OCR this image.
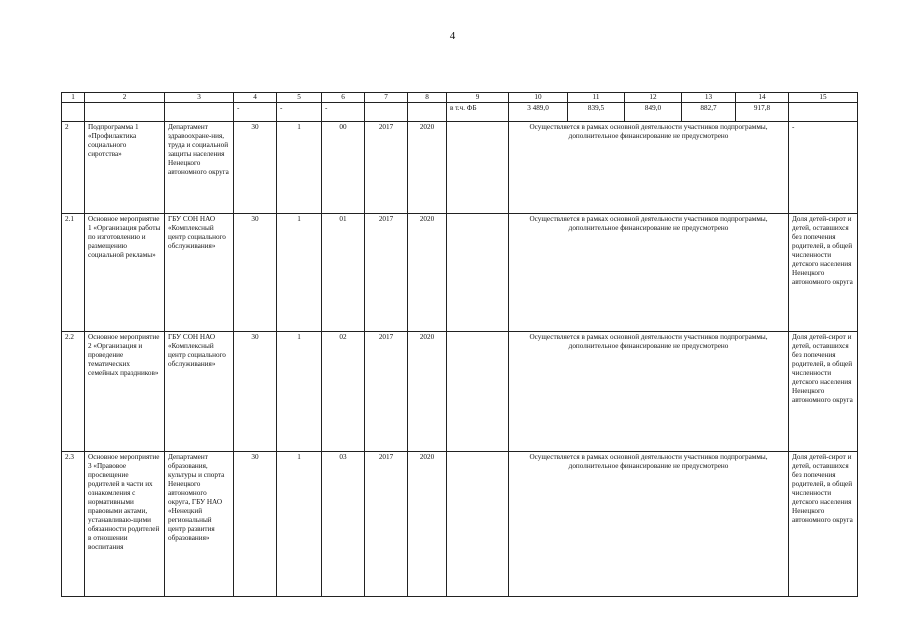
4
1	2	3	4	5	6	7	8	9	10	11	12	13	14	15
			-	-	-			в т.ч. ФБ	3 489,0	839,5	849,0	882,7	917,8	
2	Подпрограмма 1 «Профилактика социального сиротства»	Департамент здравоохране-ния, труда и социальной защиты населения Ненецкого автономного округа	30	1	00	2017	2020		Осуществляется в рамках основной деятельности участников подпрограммы, дополнительное финансирование не предусмотрено					-
2.1	Основное мероприятие 1 «Организация работы по изготовлению и размещению социальной рекламы»	ГБУ СОН НАО «Комплексный центр социального обслуживания»	30	1	01	2017	2020		Осуществляется в рамках основной деятельности участников подпрограммы, дополнительное финансирование не предусмотрено					Доля детей-сирот и детей, оставшихся без попечения родителей, в общей численности детского населения Ненецкого автономного округа
2.2	Основное мероприятие 2 «Организация и проведение тематических семейных праздников»	ГБУ СОН НАО «Комплексный центр социального обслуживания»	30	1	02	2017	2020		Осуществляется в рамках основной деятельности участников подпрограммы, дополнительное финансирование не предусмотрено					Доля детей-сирот и детей, оставшихся без попечения родителей, в общей численности детского населения Ненецкого автономного округа
2.3	Основное мероприятие 3 «Правовое просвещение родителей в части их ознакомления с нормативными правовыми актами, устанавливаю-щими обязанности родителей в отношении воспитания	Департамент образования, культуры и спорта Ненецкого автономного округа, ГБУ НАО «Ненецкий региональный центр развития образования»	30	1	03	2017	2020		Осуществляется в рамках основной деятельности участников подпрограммы, дополнительное финансирование не предусмотрено					Доля детей-сирот и детей, оставшихся без попечения родителей, в общей численности детского населения Ненецкого автономного округа
